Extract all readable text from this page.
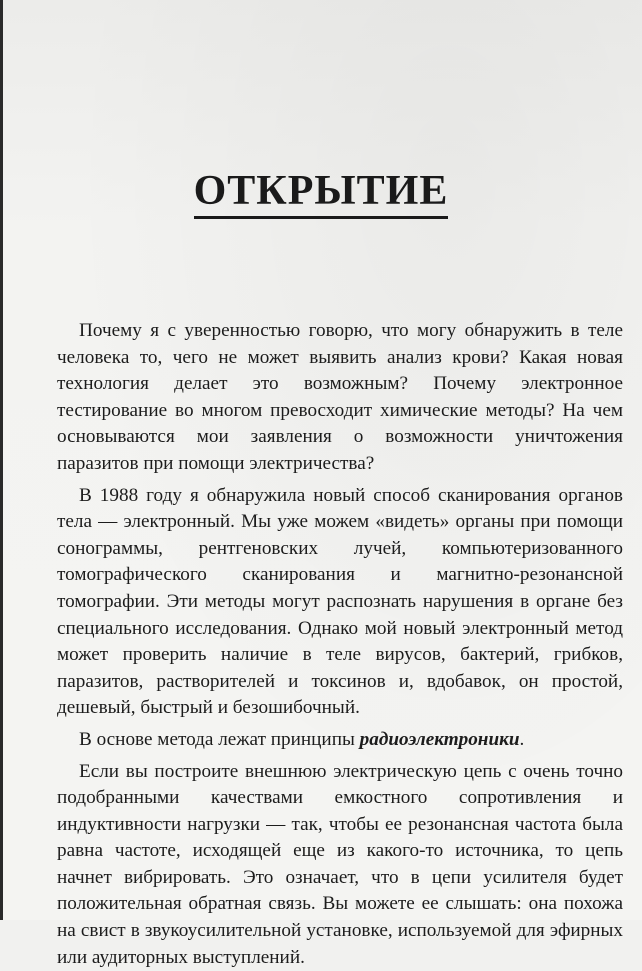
ОТКРЫТИЕ

Почему я с уверенностью говорю, что могу обнаружить в теле человека то, чего не может выявить анализ крови? Какая новая технология делает это возможным? Почему электронное тестирование во многом превосходит химические методы? На чем основываются мои заявления о возможности уничтожения паразитов при помощи электричества?

В 1988 году я обнаружила новый способ сканирования органов тела — электронный. Мы уже можем «видеть» органы при помощи сонограммы, рентгеновских лучей, компьютеризованного томографического сканирования и магнитно-резонансной томографии. Эти методы могут распознать нарушения в органе без специального исследования. Однако мой новый электронный метод может проверить наличие в теле вирусов, бактерий, грибков, паразитов, растворителей и токсинов и, вдобавок, он простой, дешевый, быстрый и безошибочный.

В основе метода лежат принципы радиоэлектроники.

Если вы построите внешнюю электрическую цепь с очень точно подобранными качествами емкостного сопротивления и индуктивности нагрузки — так, чтобы ее резонансная частота была равна частоте, исходящей еще из какого-то источника, то цепь начнет вибрировать. Это означает, что в цепи усилителя будет положительная обратная связь. Вы можете ее слышать: она похожа на свист в звукоусилительной установке, используемой для эфирных или аудиторных выступлений.
